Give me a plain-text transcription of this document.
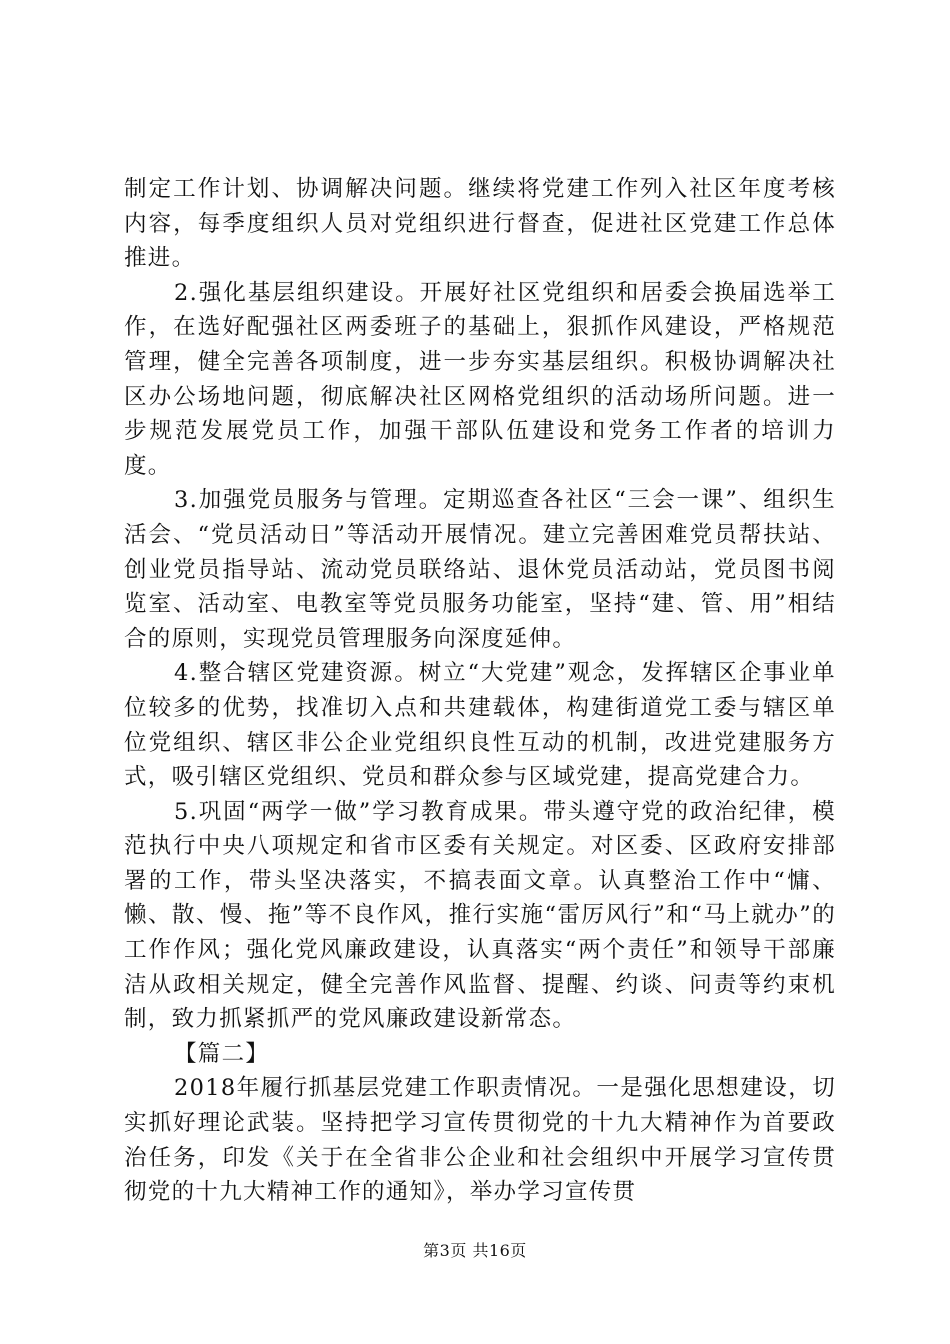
制定工作计划、协调解决问题。继续将党建工作列入社区年度考核内容，每季度组织人员对党组织进行督查，促进社区党建工作总体推进。

2.强化基层组织建设。开展好社区党组织和居委会换届选举工作，在选好配强社区两委班子的基础上，狠抓作风建设，严格规范管理，健全完善各项制度，进一步夯实基层组织。积极协调解决社区办公场地问题，彻底解决社区网格党组织的活动场所问题。进一步规范发展党员工作，加强干部队伍建设和党务工作者的培训力度。

3.加强党员服务与管理。定期巡查各社区“三会一课”、组织生活会、“党员活动日”等活动开展情况。建立完善困难党员帮扶站、创业党员指导站、流动党员联络站、退休党员活动站，党员图书阅览室、活动室、电教室等党员服务功能室，坚持“建、管、用”相结合的原则，实现党员管理服务向深度延伸。

4.整合辖区党建资源。树立“大党建”观念，发挥辖区企事业单位较多的优势，找准切入点和共建载体，构建街道党工委与辖区单位党组织、辖区非公企业党组织良性互动的机制，改进党建服务方式，吸引辖区党组织、党员和群众参与区域党建，提高党建合力。

5.巩固“两学一做”学习教育成果。带头遵守党的政治纪律，模范执行中央八项规定和省市区委有关规定。对区委、区政府安排部署的工作，带头坚决落实，不搞表面文章。认真整治工作中“慵、懒、散、慢、拖”等不良作风，推行实施“雷厉风行”和“马上就办”的工作作风；强化党风廉政建设，认真落实“两个责任”和领导干部廉洁从政相关规定，健全完善作风监督、提醒、约谈、问责等约束机制，致力抓紧抓严的党风廉政建设新常态。

【篇二】

2018年履行抓基层党建工作职责情况。一是强化思想建设，切实抓好理论武装。坚持把学习宣传贯彻党的十九大精神作为首要政治任务，印发《关于在全省非公企业和社会组织中开展学习宣传贯彻党的十九大精神工作的通知》，举办学习宣传贯

第3页 共16页
